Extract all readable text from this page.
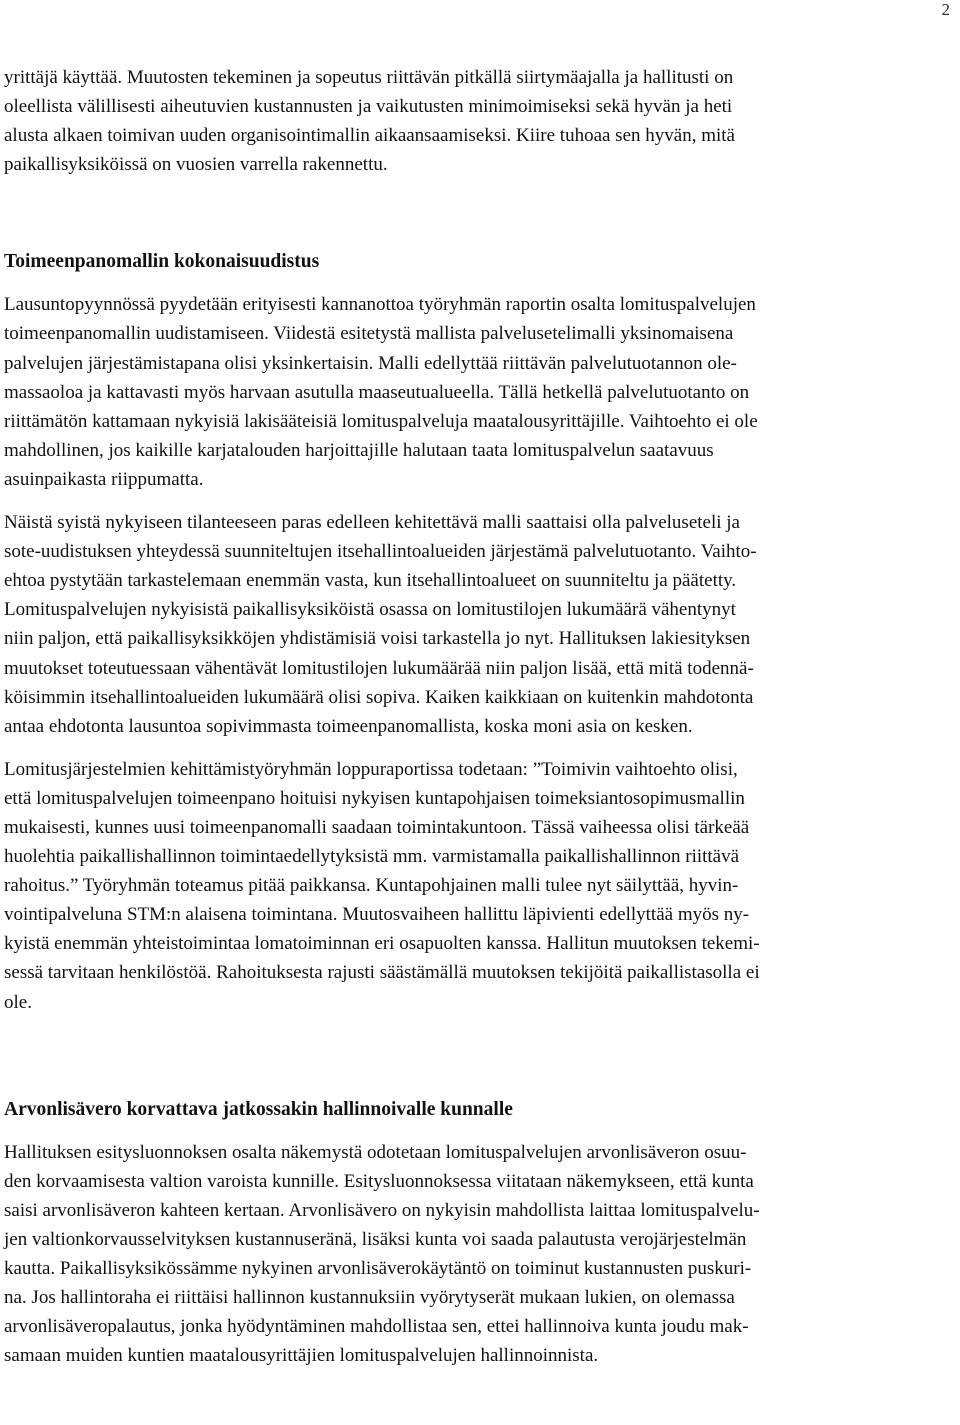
2
yrittäjä käyttää. Muutosten tekeminen ja sopeutus riittävän pitkällä siirtymäajalla ja hallitusti on
oleellista välillisesti aiheutuvien kustannusten ja vaikutusten minimoimiseksi sekä hyvän ja heti
alusta alkaen toimivan uuden organisointimallin aikaansaamiseksi. Kiire tuhoaa sen hyvän, mitä
paikallisyksiköissä on vuosien varrella rakennettu.
Toimeenpanomallin kokonaisuudistus
Lausuntopyynnössä pyydetään erityisesti kannanottoa työryhmän raportin osalta lomituspalvelujen
toimeenpanomallin uudistamiseen. Viidestä esitetystä mallista palvelusetelimalli yksinomaisena
palvelujen järjestämistapana olisi yksinkertaisin. Malli edellyttää riittävän palvelutuotannon ole-
massaoloa ja kattavasti myös harvaan asutulla maaseutualueella. Tällä hetkellä palvelutuotanto on
riittämätön kattamaan nykyisiä lakisääteisiä lomituspalveluja maatalousyrittäjille. Vaihtoehto ei ole
mahdollinen, jos kaikille karjatalouden harjoittajille halutaan taata lomituspalvelun saatavuus
asuinpaikasta riippumatta.
Näistä syistä nykyiseen tilanteeseen paras edelleen kehitettävä malli saattaisi olla palveluseteli ja
sote-uudistuksen yhteydessä suunniteltujen itsehallintoalueiden järjestämä palvelutuotanto. Vaihto-
ehtoa pystytään tarkastelemaan enemmän vasta, kun itsehallintoalueet on suunniteltu ja päätetty.
Lomituspalvelujen nykyisistä paikallisyksiköistä osassa on lomitustilojen lukumäärä vähentynyt
niin paljon, että paikallisyksikköjen yhdistämisiä voisi tarkastella jo nyt. Hallituksen lakiesityksen
muutokset toteutuessaan vähentävät lomitustilojen lukumäärää niin paljon lisää, että mitä todennä-
köisimmin itsehallintoalueiden lukumäärä olisi sopiva. Kaiken kaikkiaan on kuitenkin mahdotonta
antaa ehdotonta lausuntoa sopivimmasta toimeenpanomallista, koska moni asia on kesken.
Lomitusjärjestelmien kehittämistyöryhmän loppuraportissa todetaan: ”Toimivin vaihtoehto olisi,
että lomituspalvelujen toimeenpano hoituisi nykyisen kuntapohjaisen toimeksiantosopimusmallin
mukaisesti, kunnes uusi toimeenpanomalli saadaan toimintakuntoon. Tässä vaiheessa olisi tärkeää
huolehtia paikallishallinnon toimintaedellytyksistä mm. varmistamalla paikallishallinnon riittävä
rahoitus.” Työryhmän toteamus pitää paikkansa. Kuntapohjainen malli tulee nyt säilyttää, hyvin-
vointipalveluna STM:n alaisena toimintana. Muutosvaiheen hallittu läpivienti edellyttää myös ny-
kyistä enemmän yhteistoimintaa lomatoiminnan eri osapuolten kanssa. Hallitun muutoksen tekemi-
sessä tarvitaan henkilöstöä. Rahoituksesta rajusti säästämällä muutoksen tekijöitä paikallistasolla ei
ole.
Arvonlisävero korvattava jatkossakin hallinnoivalle kunnalle
Hallituksen esitysluonnoksen osalta näkemystä odotetaan lomituspalvelujen arvonlisäveron osuu-
den korvaamisesta valtion varoista kunnille. Esitysluonnoksessa viitataan näkemykseen, että kunta
saisi arvonlisäveron kahteen kertaan. Arvonlisävero on nykyisin mahdollista laittaa lomituspalvelu-
jen valtionkorvausselvityksen kustannuseränä, lisäksi kunta voi saada palautusta verojärjestelmän
kautta. Paikallisyksikössämme nykyinen arvonlisäverokäytäntö on toiminut kustannusten puskuri-
na. Jos hallintoraha ei riittäisi hallinnon kustannuksiin vyörytyserät mukaan lukien, on olemassa
arvonlisäveropalautus, jonka hyödyntäminen mahdollistaa sen, ettei hallinnoiva kunta joudu mak-
samaan muiden kuntien maatalousyrittäjien lomituspalvelujen hallinnoinnista.
